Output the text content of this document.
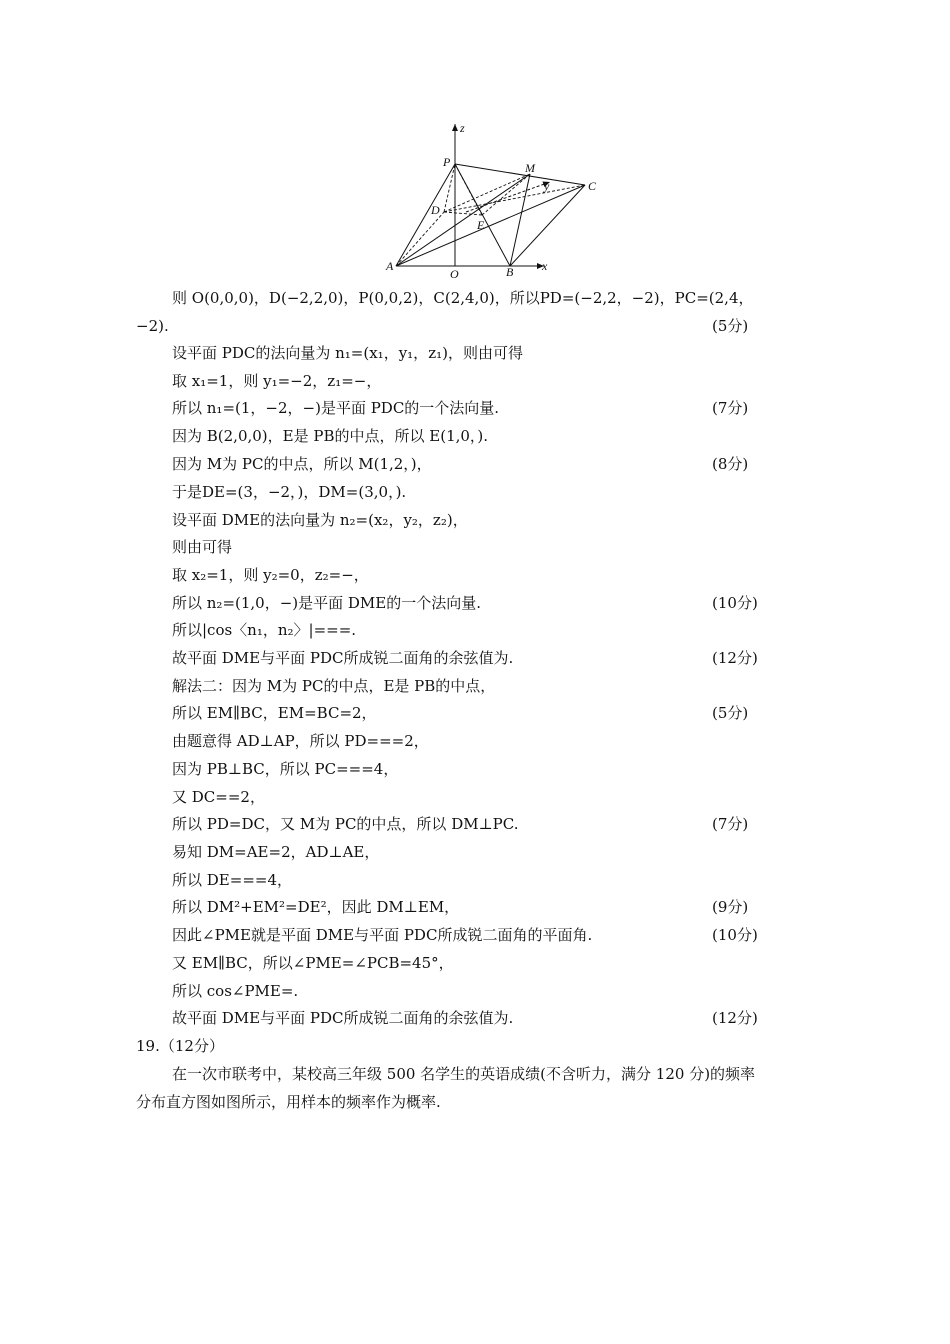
z
P	M
y	C
D
E
A
O	B x
则 O(0,0,0)，D(−2,2,0)，P(0,0,2)，C(2,4,0)，所以PD=(−2,2，−2)，PC=(2,4，
−2).	(5分)
设平面 PDC的法向量为 n₁=(x₁，y₁，z₁)，则由可得
取 x₁=1，则 y₁=−2，z₁=−，
所以 n₁=(1，−2，−)是平面 PDC的一个法向量.	(7分)
因为 B(2,0,0)，E是 PB的中点，所以 E(1,0，).
因为 M为 PC的中点，所以 M(1,2，)，	(8分)
于是DE=(3，−2，)，DM=(3,0，).
设平面 DME的法向量为 n₂=(x₂，y₂，z₂)，
则由可得
取 x₂=1，则 y₂=0，z₂=−，
所以 n₂=(1,0，−)是平面 DME的一个法向量.	(10分)
所以|cos〈n₁，n₂〉|===.
故平面 DME与平面 PDC所成锐二面角的余弦值为.	(12分)
解法二：因为 M为 PC的中点，E是 PB的中点，
所以 EM∥BC，EM=BC=2，	(5分)
由题意得 AD⊥AP，所以 PD===2，
因为 PB⊥BC，所以 PC===4，
又 DC==2，
所以 PD=DC，又 M为 PC的中点，所以 DM⊥PC.	(7分)
易知 DM=AE=2，AD⊥AE，
所以 DE===4，
所以 DM²+EM²=DE²，因此 DM⊥EM，	(9分)
因此∠PME就是平面 DME与平面 PDC所成锐二面角的平面角.	(10分)
又 EM∥BC，所以∠PME=∠PCB=45°，
所以 cos∠PME=.
故平面 DME与平面 PDC所成锐二面角的余弦值为.	(12分)
19.（12分）
在一次市联考中，某校高三年级 500 名学生的英语成绩(不含听力，满分 120 分)的频率
分布直方图如图所示，用样本的频率作为概率.
